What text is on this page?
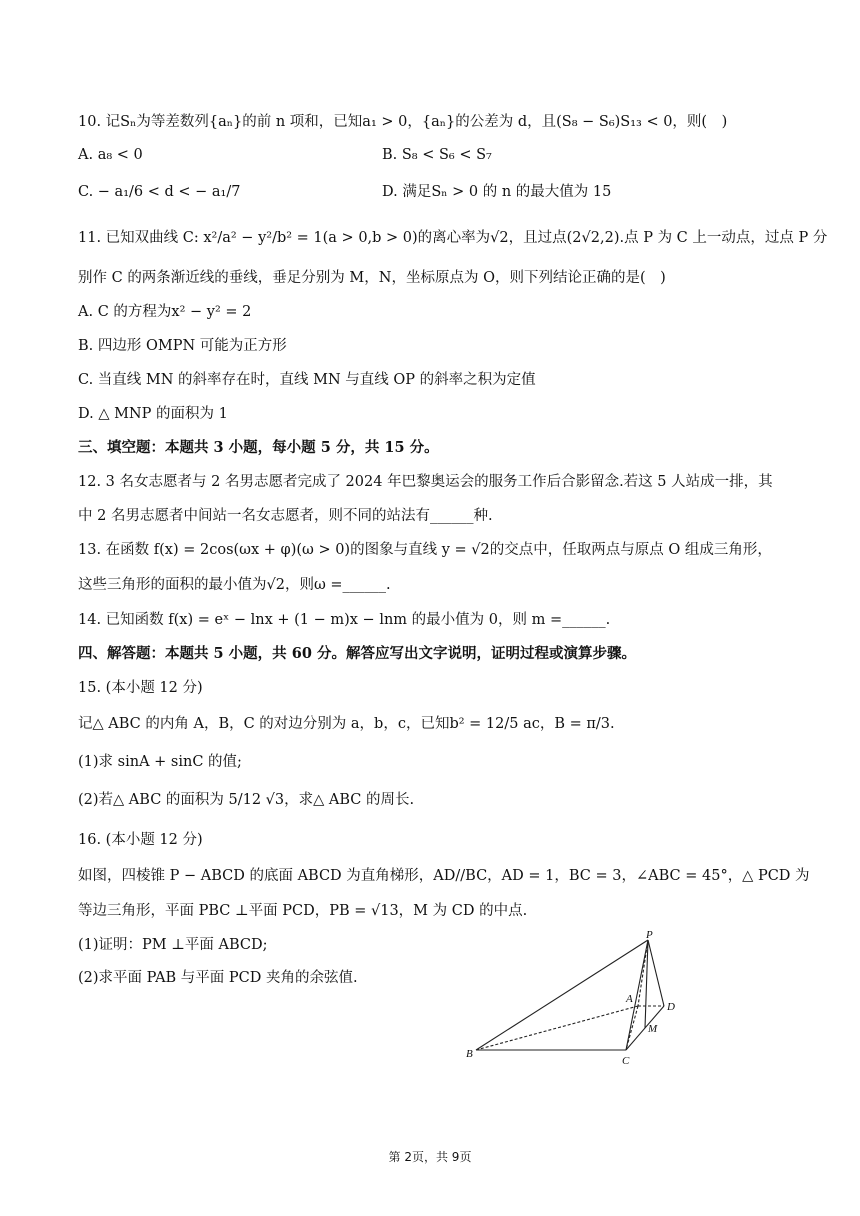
10. 记Sₙ为等差数列{aₙ}的前 n 项和，已知a₁ > 0，{aₙ}的公差为 d，且(S₈ − S₆)S₁₃ < 0，则(　)
A. a₈ < 0	B. S₈ < S₆ < S₇
C. − a₁/6 < d < − a₁/7	D. 满足Sₙ > 0 的 n 的最大值为 15
11. 已知双曲线 C: x²/a² − y²/b² = 1(a > 0,b > 0)的离心率为√2，且过点(2√2,2).点 P 为 C 上一动点，过点 P 分
别作 C 的两条渐近线的垂线，垂足分别为 M，N，坐标原点为 O，则下列结论正确的是(　)
A. C 的方程为x² − y² = 2
B. 四边形 OMPN 可能为正方形
C. 当直线 MN 的斜率存在时，直线 MN 与直线 OP 的斜率之积为定值
D. △ MNP 的面积为 1
三、填空题：本题共 3 小题，每小题 5 分，共 15 分。
12. 3 名女志愿者与 2 名男志愿者完成了 2024 年巴黎奥运会的服务工作后合影留念.若这 5 人站成一排，其
中 2 名男志愿者中间站一名女志愿者，则不同的站法有______种.
13. 在函数 f(x) = 2cos(ωx + φ)(ω > 0)的图象与直线 y = √2的交点中，任取两点与原点 O 组成三角形，
这些三角形的面积的最小值为√2，则ω =______.
14. 已知函数 f(x) = eˣ − lnx + (1 − m)x − lnm 的最小值为 0，则 m =______.
四、解答题：本题共 5 小题，共 60 分。解答应写出文字说明，证明过程或演算步骤。
15. (本小题 12 分)
记△ ABC 的内角 A，B，C 的对边分别为 a，b，c，已知b² = 12/5 ac，B = π/3.
(1)求 sinA + sinC 的值;
(2)若△ ABC 的面积为 5/12 √3，求△ ABC 的周长.
16. (本小题 12 分)
如图，四棱锥 P − ABCD 的底面 ABCD 为直角梯形，AD//BC，AD = 1，BC = 3，∠ABC = 45°，△ PCD 为
等边三角形，平面 PBC ⊥平面 PCD，PB = √13，M 为 CD 的中点.
(1)证明：PM ⊥平面 ABCD;
(2)求平面 PAB 与平面 PCD 夹角的余弦值.
P
A
D
M
B
C
第 2页，共 9页
